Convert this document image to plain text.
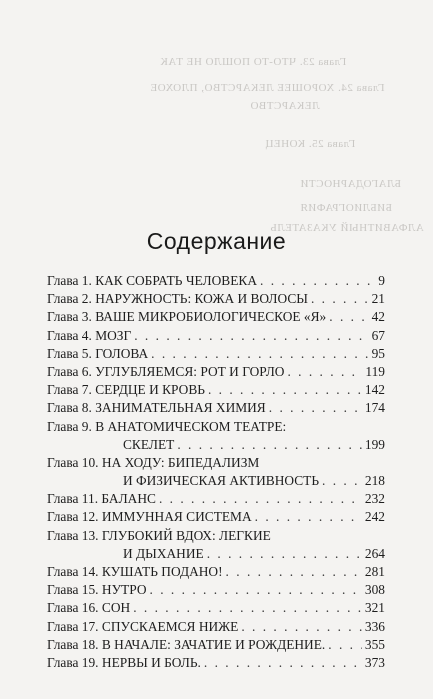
Глава 23. ЧТО-ТО ПОШЛО НЕ ТАК
Глава 24. ХОРОШЕЕ ЛЕКАРСТВО, ПЛОХОЕ
ЛЕКАРСТВО
Глава 25. КОНЕЦ
БЛАГОДАРНОСТИ
БИБЛИОГРАФИЯ
АЛФАВИТНЫЙ УКАЗАТЕЛЬ
Содержание
Глава 1. КАК СОБРАТЬ ЧЕЛОВЕКА . . .	9
Глава 2. НАРУЖНОСТЬ: КОЖА И ВОЛОСЫ . . .	21
Глава 3. ВАШЕ МИКРОБИОЛОГИЧЕСКОЕ «Я» . . .	42
Глава 4. МОЗГ . . .	67
Глава 5. ГОЛОВА . . .	95
Глава 6. УГЛУБЛЯЕМСЯ: РОТ И ГОРЛО . . .	119
Глава 7. СЕРДЦЕ И КРОВЬ . . .	142
Глава 8. ЗАНИМАТЕЛЬНАЯ ХИМИЯ . . .	174
Глава 9. В АНАТОМИЧЕСКОМ ТЕАТРЕ:
СКЕЛЕТ . . .	199
Глава 10. НА ХОДУ: БИПЕДАЛИЗМ
И ФИЗИЧЕСКАЯ АКТИВНОСТЬ . . .	218
Глава 11. БАЛАНС . . .	232
Глава 12. ИММУННАЯ СИСТЕМА . . .	242
Глава 13. ГЛУБОКИЙ ВДОХ: ЛЕГКИЕ
И ДЫХАНИЕ . . .	264
Глава 14. КУШАТЬ ПОДАНО! . . .	281
Глава 15. НУТРО . . .	308
Глава 16. СОН . . .	321
Глава 17. СПУСКАЕМСЯ НИЖЕ . . .	336
Глава 18. В НАЧАЛЕ: ЗАЧАТИЕ И РОЖДЕНИЕ. . . .	355
Глава 19. НЕРВЫ И БОЛЬ. . . .	373
